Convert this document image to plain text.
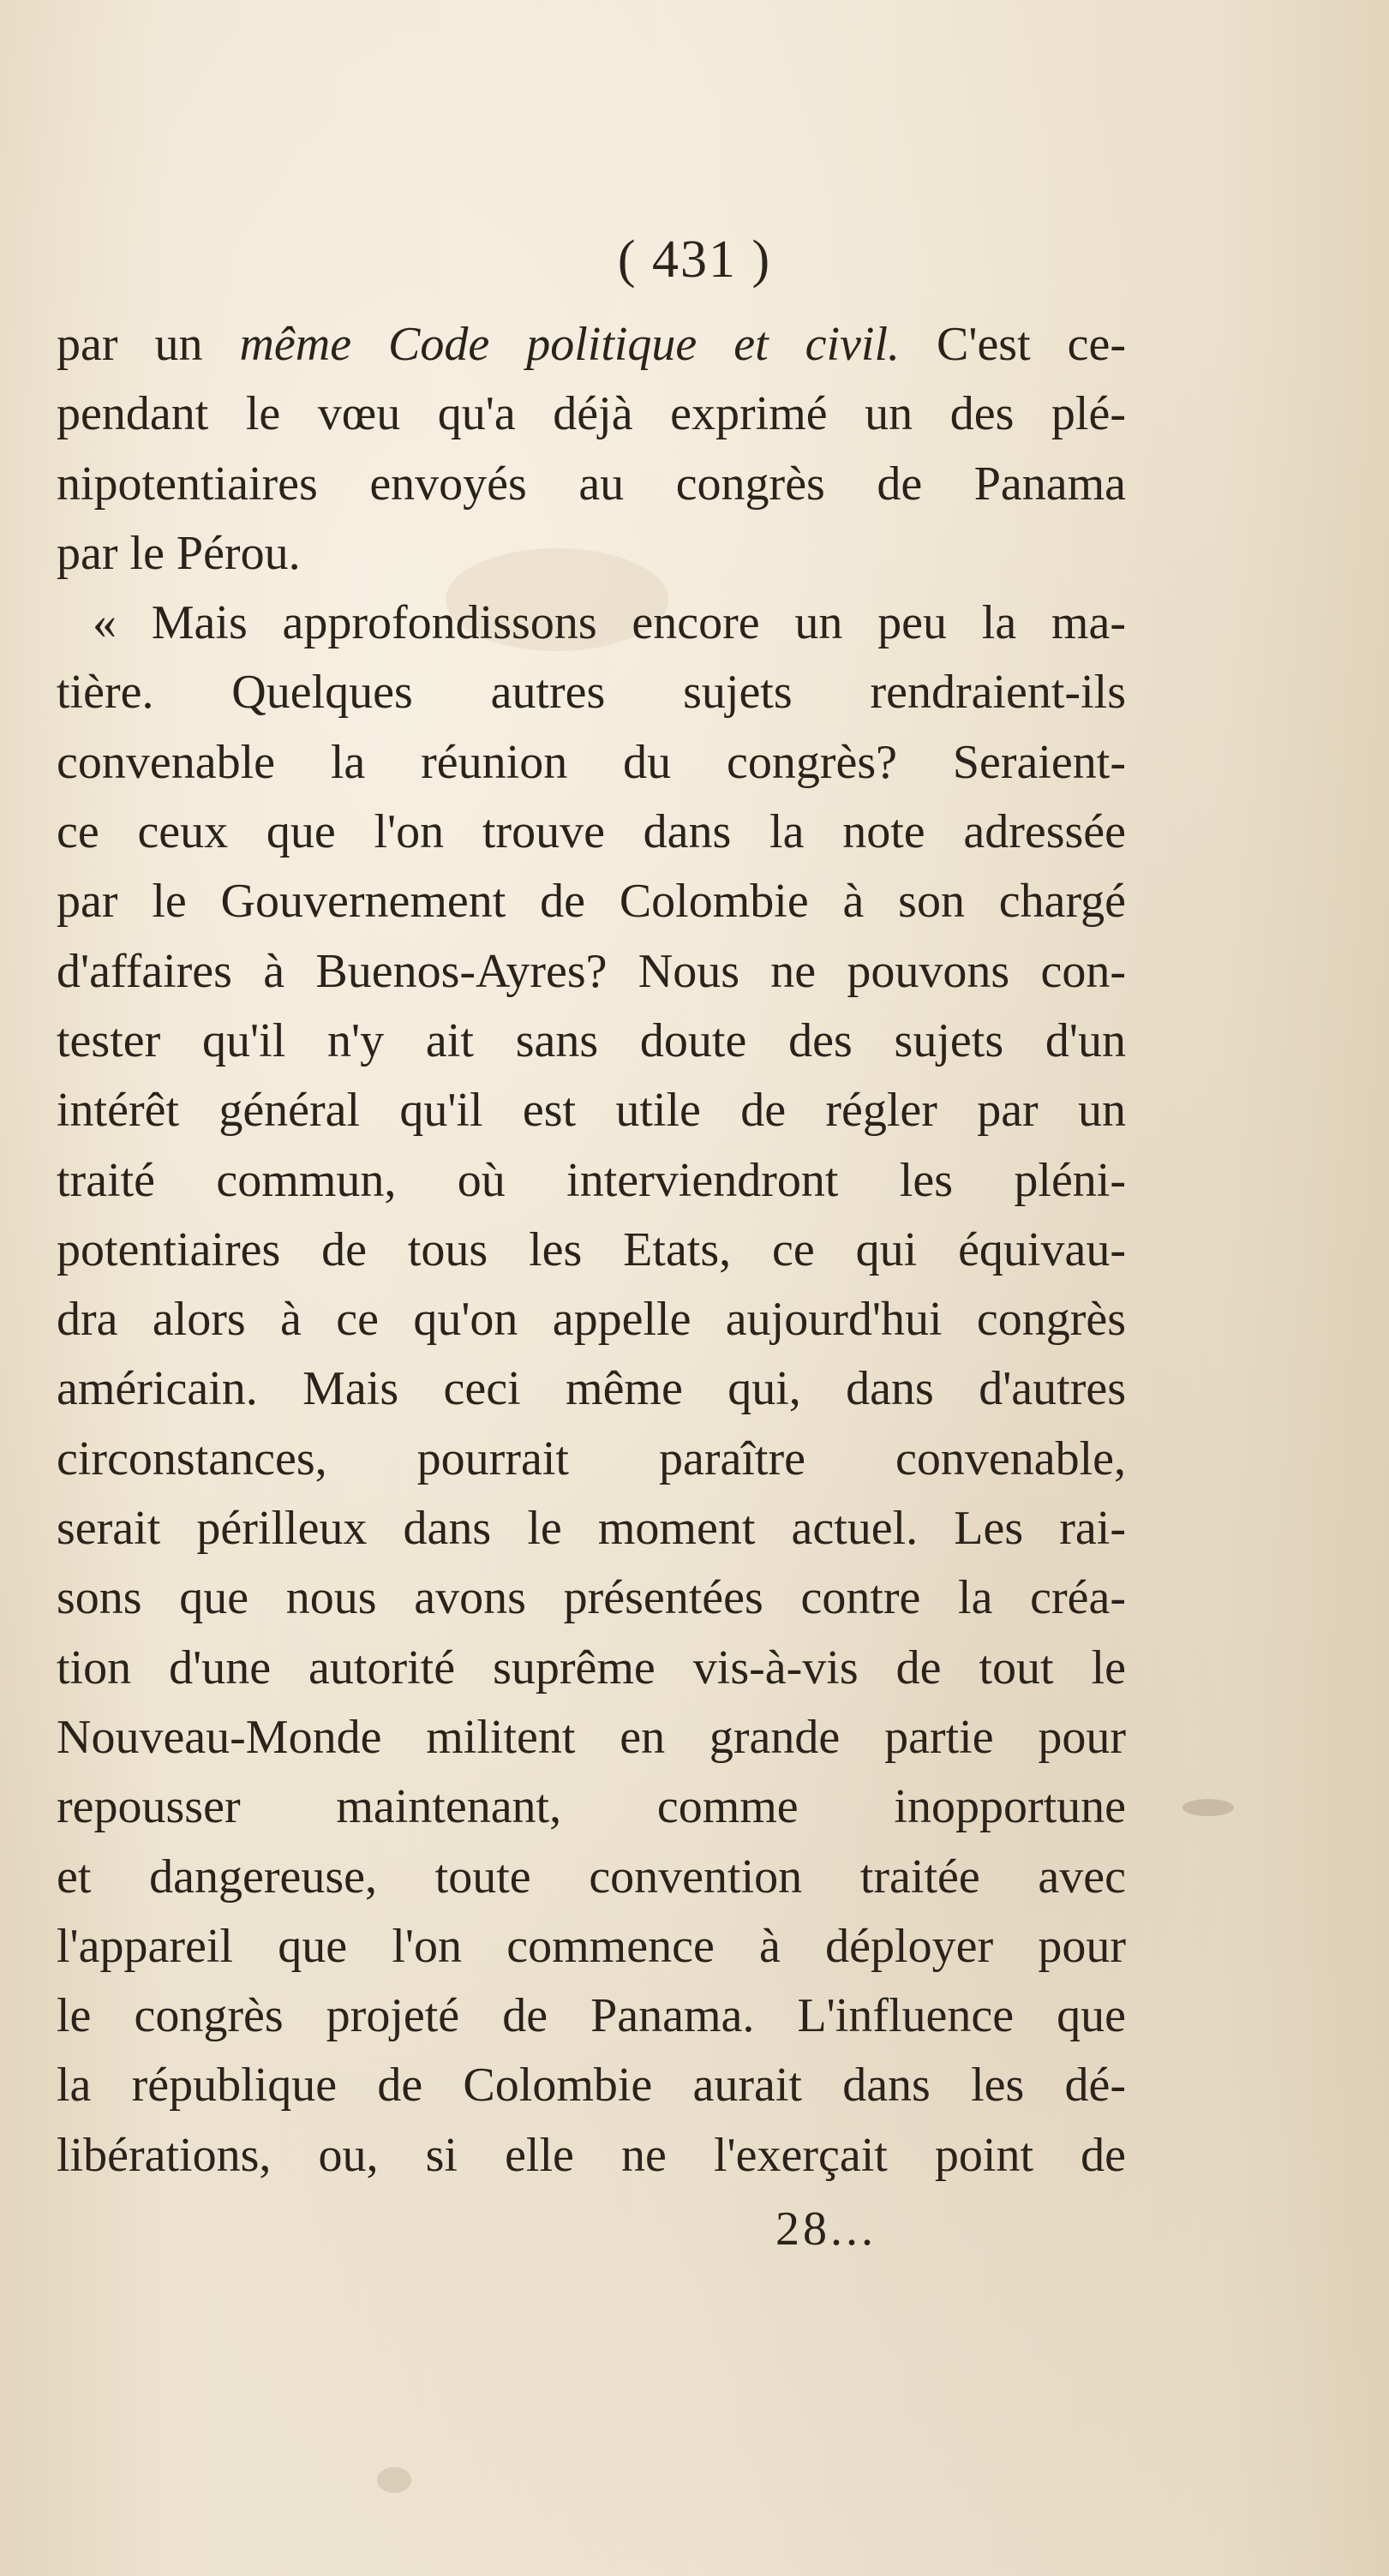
( 431 )
par un même Code politique et civil. C'est ce-
pendant le vœu qu'a déjà exprimé un des plé-
nipotentiaires envoyés au congrès de Panama
par le Pérou.
« Mais approfondissons encore un peu la ma-
tière. Quelques autres sujets rendraient-ils
convenable la réunion du congrès? Seraient-
ce ceux que l'on trouve dans la note adressée
par le Gouvernement de Colombie à son chargé
d'affaires à Buenos-Ayres? Nous ne pouvons con-
tester qu'il n'y ait sans doute des sujets d'un
intérêt général qu'il est utile de régler par un
traité commun, où interviendront les pléni-
potentiaires de tous les Etats, ce qui équivau-
dra alors à ce qu'on appelle aujourd'hui congrès
américain. Mais ceci même qui, dans d'autres
circonstances, pourrait paraître convenable,
serait périlleux dans le moment actuel. Les rai-
sons que nous avons présentées contre la créa-
tion d'une autorité suprême vis-à-vis de tout le
Nouveau-Monde militent en grande partie pour
repousser maintenant, comme inopportune
et dangereuse, toute convention traitée avec
l'appareil que l'on commence à déployer pour
le congrès projeté de Panama. L'influence que
la république de Colombie aurait dans les dé-
libérations, ou, si elle ne l'exerçait point de
28...
